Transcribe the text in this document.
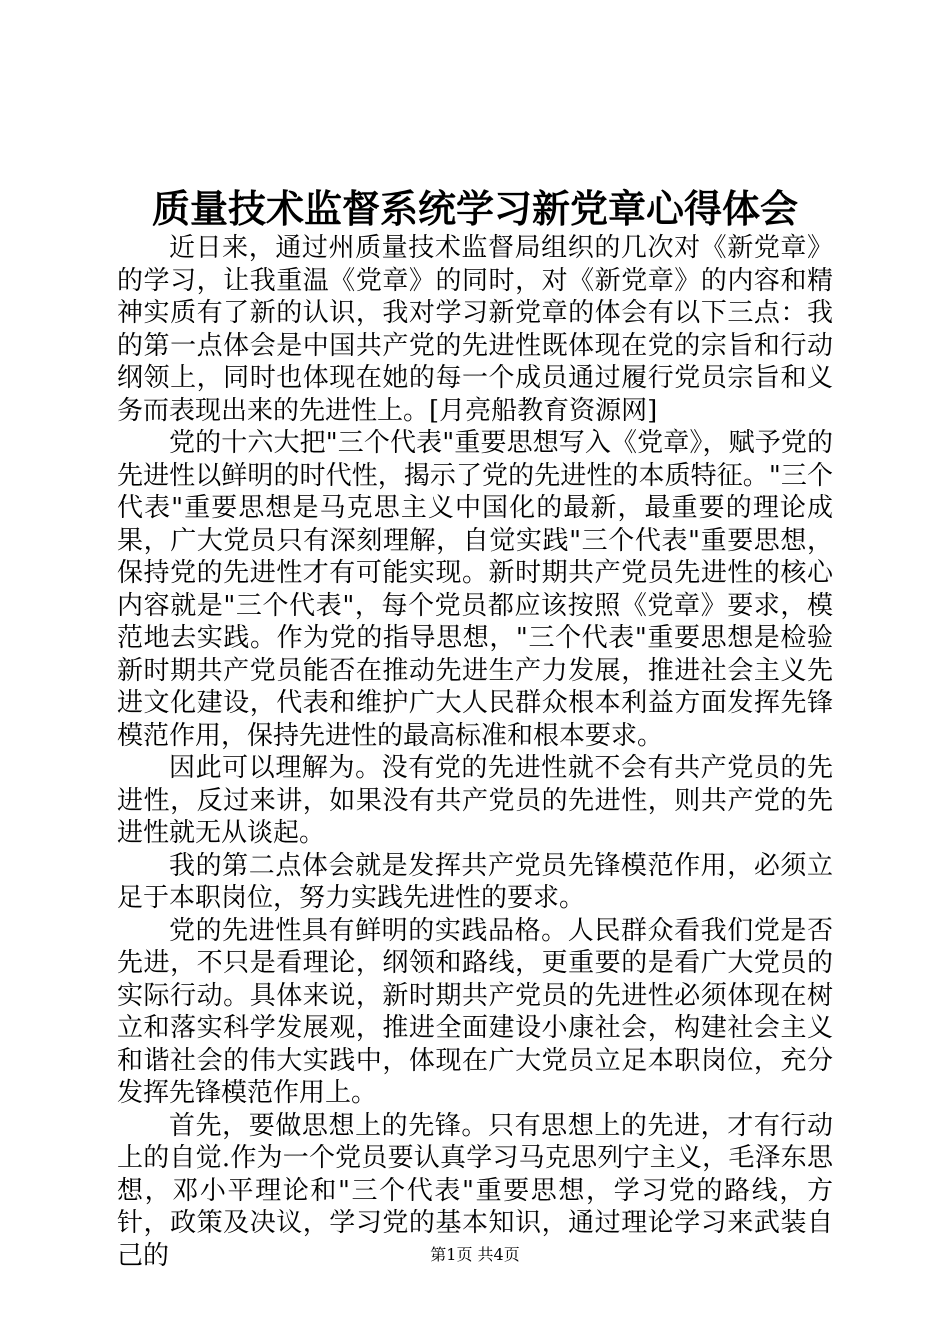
质量技术监督系统学习新党章心得体会

近日来，通过州质量技术监督局组织的几次对《新党章》的学习，让我重温《党章》的同时，对《新党章》的内容和精神实质有了新的认识，我对学习新党章的体会有以下三点：我的第一点体会是中国共产党的先进性既体现在党的宗旨和行动纲领上，同时也体现在她的每一个成员通过履行党员宗旨和义务而表现出来的先进性上。[月亮船教育资源网]

党的十六大把"三个代表"重要思想写入《党章》，赋予党的先进性以鲜明的时代性，揭示了党的先进性的本质特征。"三个代表"重要思想是马克思主义中国化的最新，最重要的理论成果，广大党员只有深刻理解，自觉实践"三个代表"重要思想，保持党的先进性才有可能实现。新时期共产党员先进性的核心内容就是"三个代表"，每个党员都应该按照《党章》要求，模范地去实践。作为党的指导思想，"三个代表"重要思想是检验新时期共产党员能否在推动先进生产力发展，推进社会主义先进文化建设，代表和维护广大人民群众根本利益方面发挥先锋模范作用，保持先进性的最高标准和根本要求。

因此可以理解为。没有党的先进性就不会有共产党员的先进性，反过来讲，如果没有共产党员的先进性，则共产党的先进性就无从谈起。

我的第二点体会就是发挥共产党员先锋模范作用，必须立足于本职岗位，努力实践先进性的要求。

党的先进性具有鲜明的实践品格。人民群众看我们党是否先进，不只是看理论，纲领和路线，更重要的是看广大党员的实际行动。具体来说，新时期共产党员的先进性必须体现在树立和落实科学发展观，推进全面建设小康社会，构建社会主义和谐社会的伟大实践中，体现在广大党员立足本职岗位，充分发挥先锋模范作用上。

首先，要做思想上的先锋。只有思想上的先进，才有行动上的自觉.作为一个党员要认真学习马克思列宁主义，毛泽东思想，邓小平理论和"三个代表"重要思想，学习党的路线，方针，政策及决议，学习党的基本知识，通过理论学习来武装自己的	第1页 共4页
